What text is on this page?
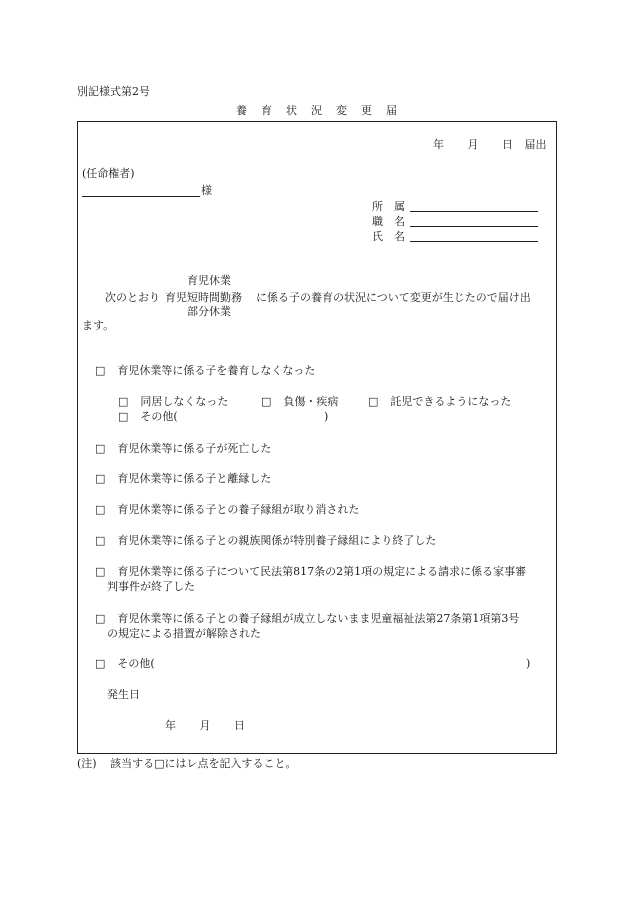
別記様式第2号
養 育 状 況 変 更 届
年 月 日 届出
(任命権者)
様
所　属
職　名
氏　名
育児休業
次のとおり 育児短時間勤務 に係る子の養育の状況について変更が生じたので届け出
部分休業
ます。
□ 育児休業等に係る子を養育しなくなった
□ 同居しなくなった	□ 負傷・疾病	□ 託児できるようになった
□ その他(	)
□ 育児休業等に係る子が死亡した
□ 育児休業等に係る子と離縁した
□ 育児休業等に係る子との養子縁組が取り消された
□ 育児休業等に係る子との親族関係が特別養子縁組により終了した
□ 育児休業等に係る子について民法第817条の2第1項の規定による請求に係る家事審
判事件が終了した
□ 育児休業等に係る子との養子縁組が成立しないまま児童福祉法第27条第1項第3号
の規定による措置が解除された
□ その他(	)
発生日
年 月 日
(注) 該当する□にはレ点を記入すること。
